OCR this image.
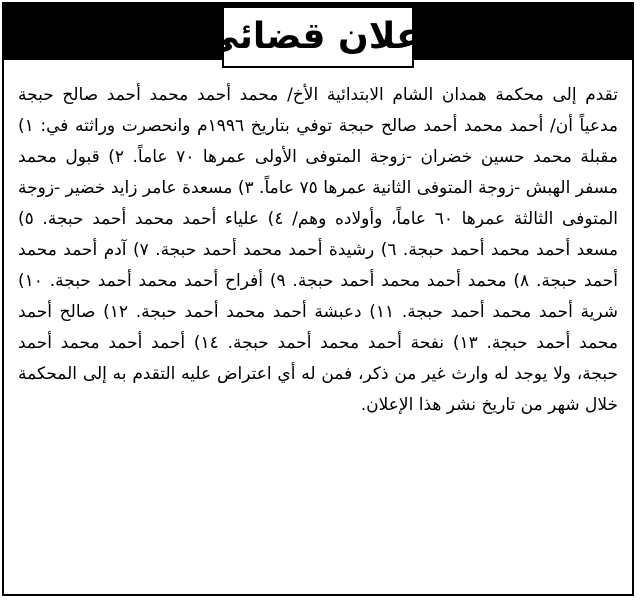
إعلان قضائي

تقدم إلى محكمة همدان الشام الابتدائية الأخ/ محمد أحمد محمد أحمد صالح حبجة مدعياً أن/ أحمد محمد أحمد صالح حبجة توفي بتاريخ ١٩٩٦م وانحصرت وراثته في: ١) مقبلة محمد حسين خضران -زوجة المتوفى الأولى عمرها ٧٠ عاماً. ٢) قبول محمد مسفر الهبش -زوجة المتوفى الثانية عمرها ٧٥ عاماً. ٣) مسعدة عامر زايد خضير -زوجة المتوفى الثالثة عمرها ٦٠ عاماً، وأولاده وهم/ ٤) علياء أحمد محمد أحمد حبجة. ٥) مسعد أحمد محمد أحمد حبجة. ٦) رشيدة أحمد محمد أحمد حبجة. ٧) آدم أحمد محمد أحمد حبجة. ٨) محمد أحمد محمد أحمد حبجة. ٩) أفراح أحمد محمد أحمد حبجة. ١٠) شرية أحمد محمد أحمد حبجة. ١١) دعبشة أحمد محمد أحمد حبجة. ١٢) صالح أحمد محمد أحمد حبجة. ١٣) نفحة أحمد محمد أحمد حبجة. ١٤) أحمد أحمد محمد أحمد حبجة، ولا يوجد له وارث غير من ذكر، فمن له أي اعتراض عليه التقدم به إلى المحكمة خلال شهر من تاريخ نشر هذا الإعلان.
